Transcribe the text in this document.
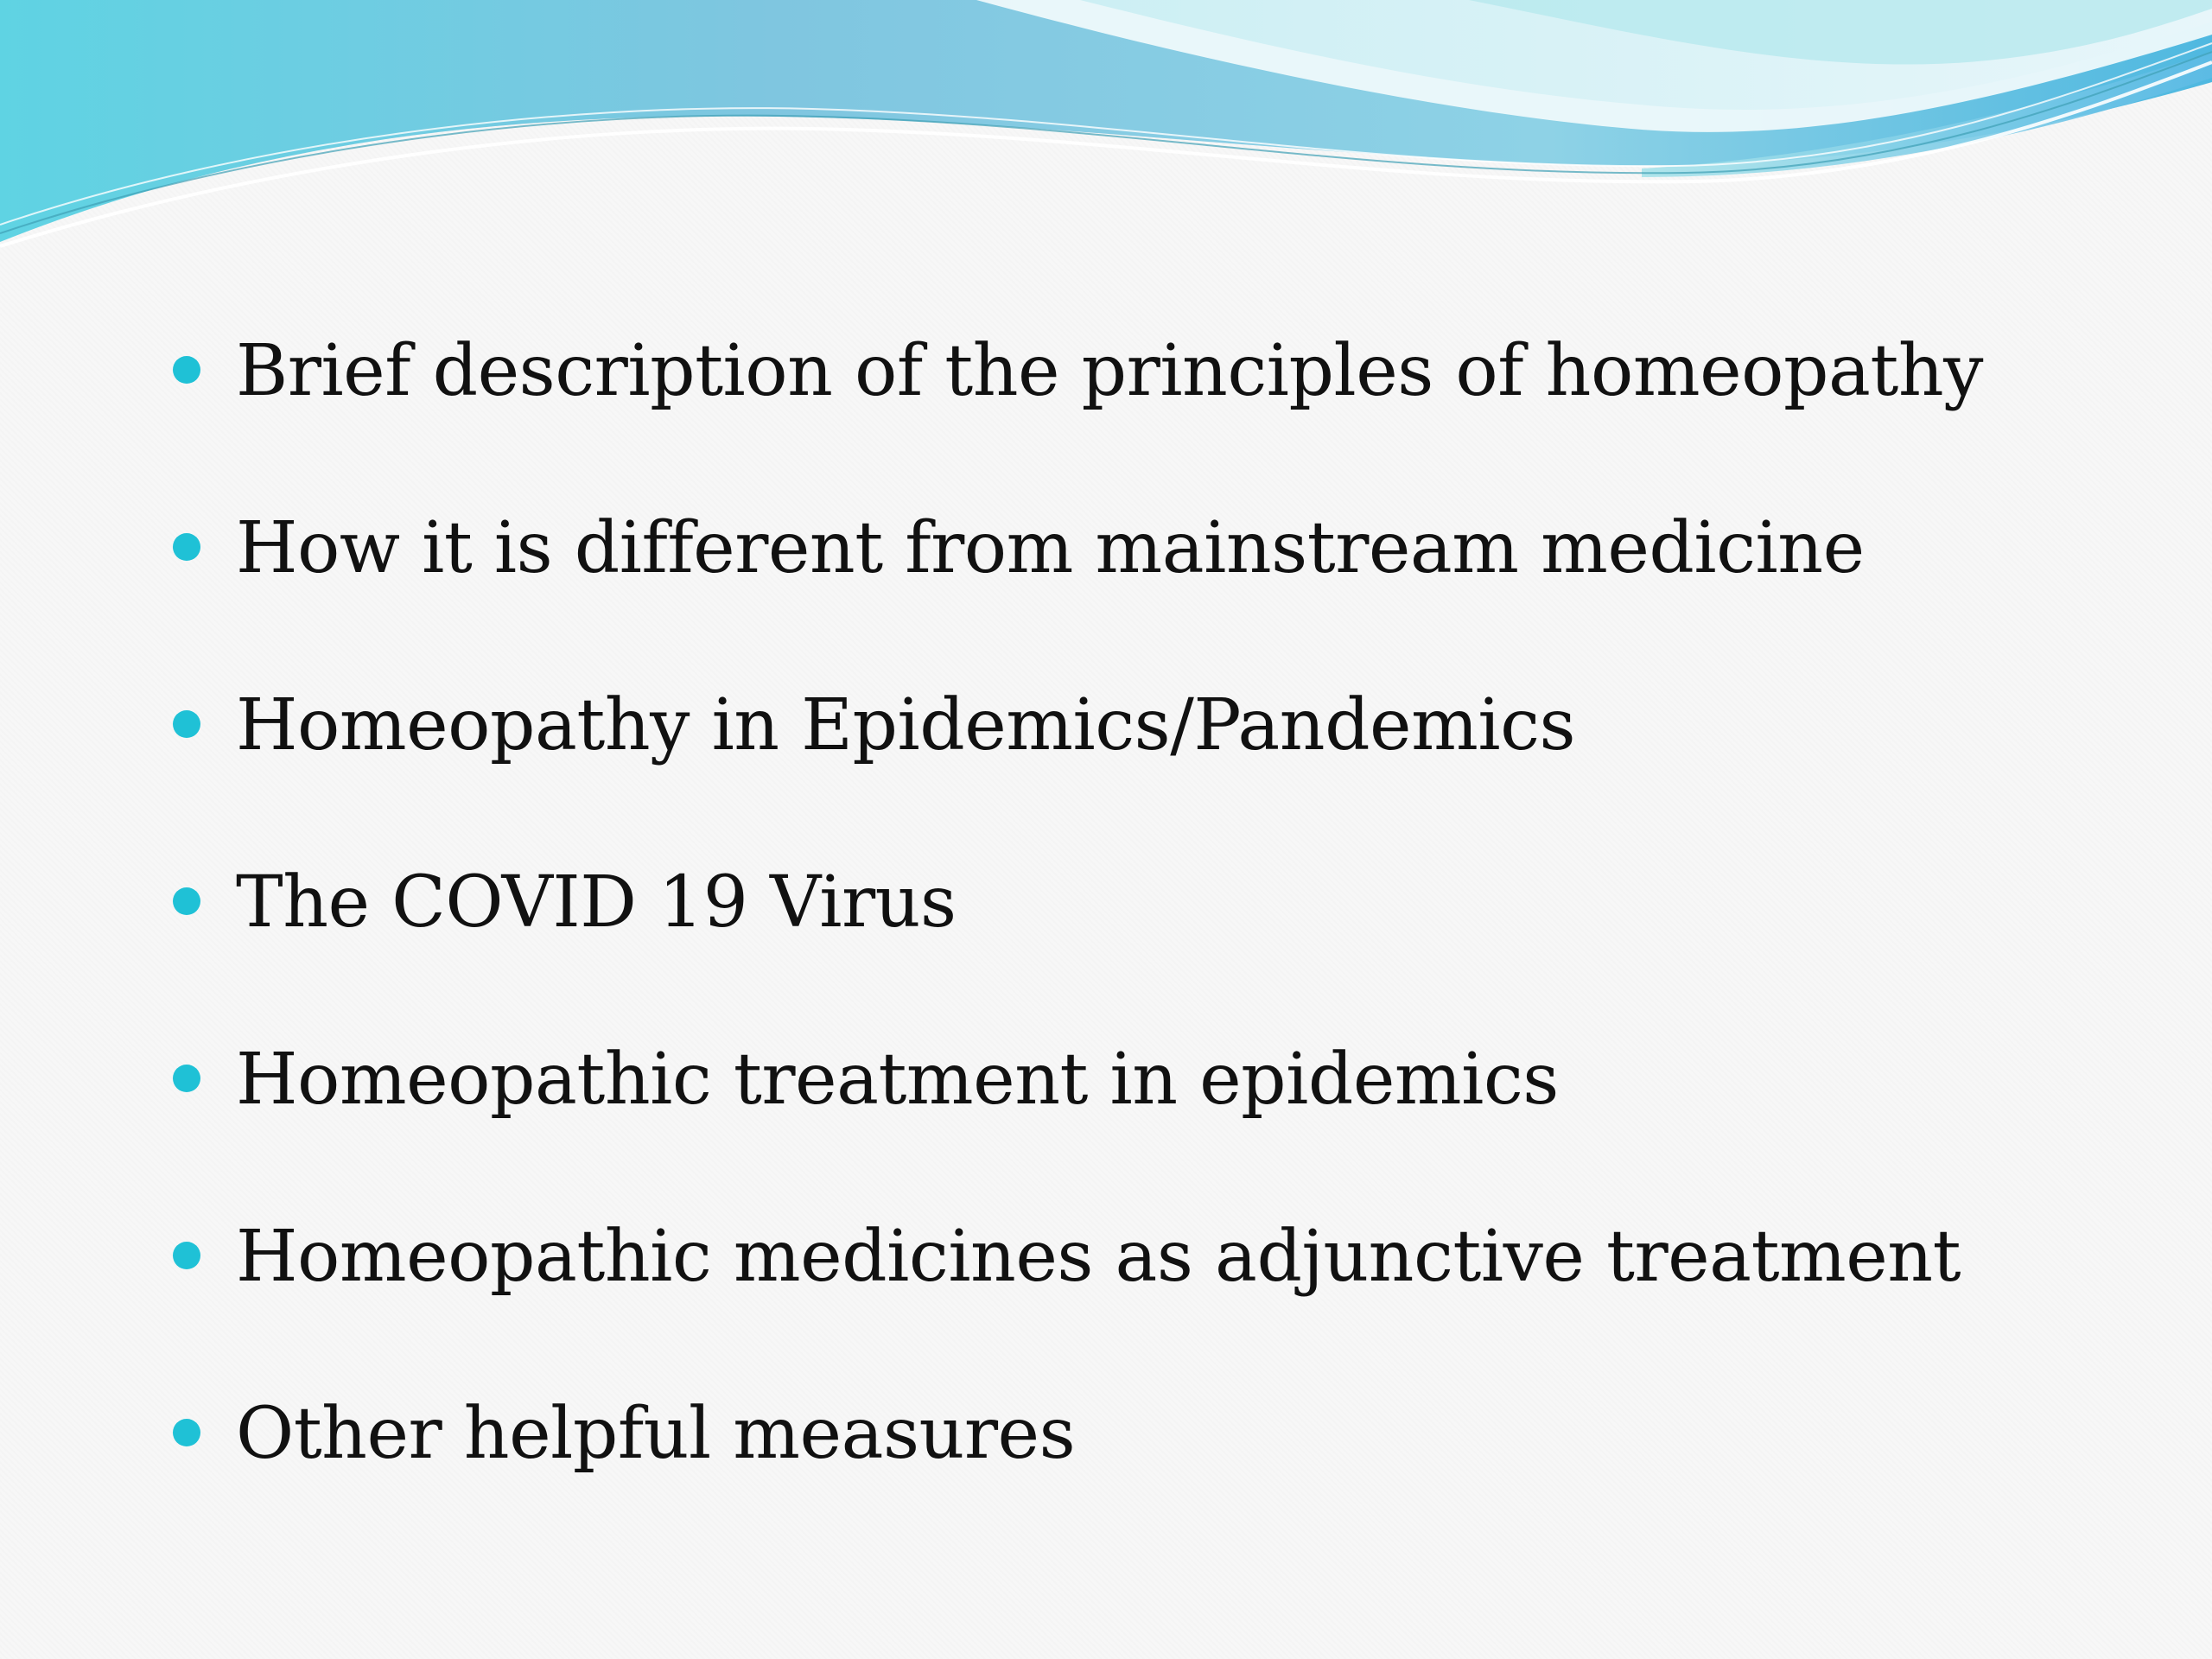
Brief description of the principles of homeopathy
How it is different from mainstream medicine
Homeopathy in Epidemics/Pandemics
The COVID 19 Virus
Homeopathic treatment in epidemics
Homeopathic medicines as adjunctive treatment
Other helpful measures
